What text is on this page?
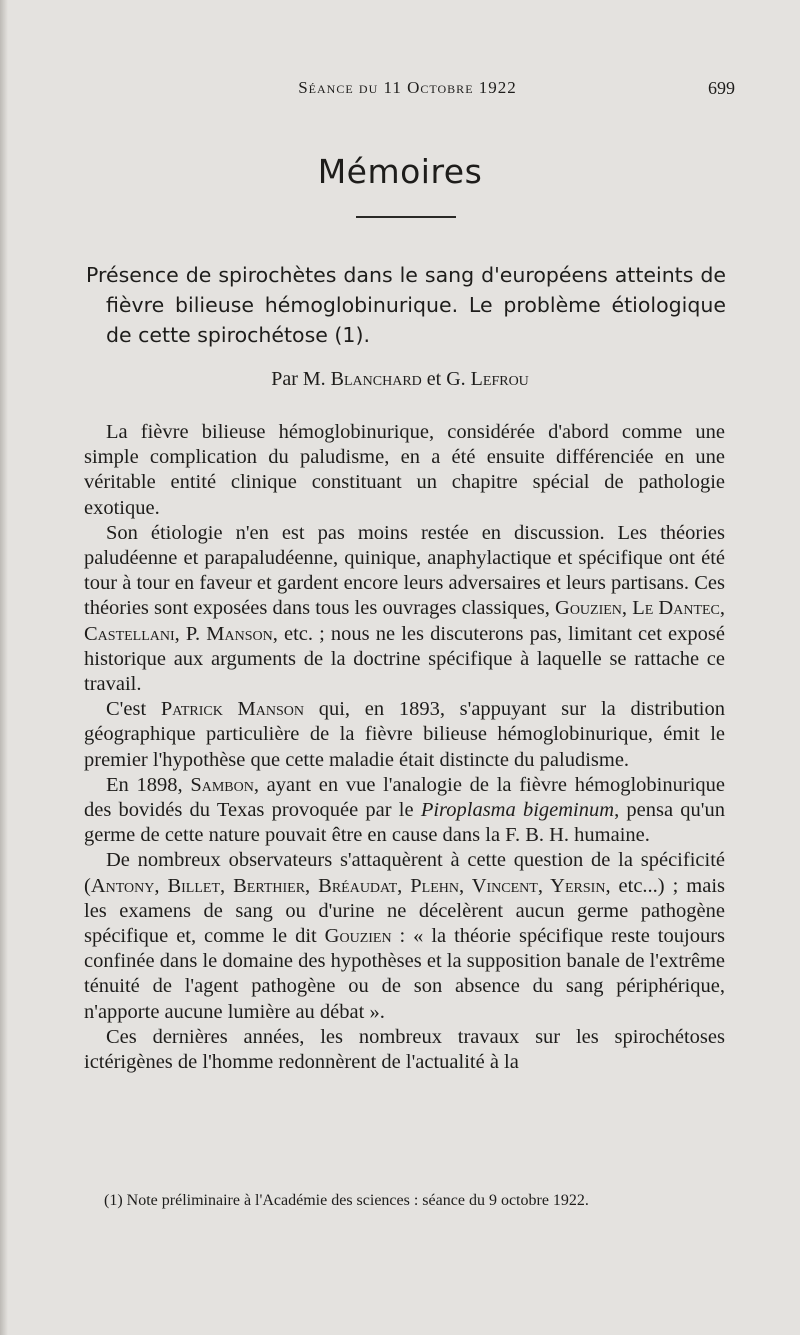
Séance du 11 Octobre 1922	699
Mémoires
Présence de spirochètes dans le sang d'européens atteints de
fièvre bilieuse hémoglobinurique. Le problème étiologique
de cette spirochétose (1).
Par M. Blanchard et G. Lefrou

La fièvre bilieuse hémoglobinurique, considérée d'abord comme une simple complication du paludisme, en a été ensuite différenciée en une véritable entité clinique constituant un chapitre spécial de pathologie exotique.

Son étiologie n'en est pas moins restée en discussion. Les théories paludéenne et parapaludéenne, quinique, anaphylactique et spécifique ont été tour à tour en faveur et gardent encore leurs adversaires et leurs partisans. Ces théories sont exposées dans tous les ouvrages classiques, Gouzien, Le Dantec, Castellani, P. Manson, etc. ; nous ne les discuterons pas, limitant cet exposé historique aux arguments de la doctrine spécifique à laquelle se rattache ce travail.

C'est Patrick Manson qui, en 1893, s'appuyant sur la distribution géographique particulière de la fièvre bilieuse hémoglobinurique, émit le premier l'hypothèse que cette maladie était distincte du paludisme.

En 1898, Sambon, ayant en vue l'analogie de la fièvre hémoglobinurique des bovidés du Texas provoquée par le Piroplasma bigeminum, pensa qu'un germe de cette nature pouvait être en cause dans la F. B. H. humaine.

De nombreux observateurs s'attaquèrent à cette question de la spécificité (Antony, Billet, Berthier, Bréaudat, Plehn, Vincent, Yersin, etc...) ; mais les examens de sang ou d'urine ne décelèrent aucun germe pathogène spécifique et, comme le dit Gouzien : « la théorie spécifique reste toujours confinée dans le domaine des hypothèses et la supposition banale de l'extrême ténuité de l'agent pathogène ou de son absence du sang périphérique, n'apporte aucune lumière au débat ».

Ces dernières années, les nombreux travaux sur les spirochétoses ictérigènes de l'homme redonnèrent de l'actualité à la

(1) Note préliminaire à l'Académie des sciences : séance du 9 octobre 1922.
